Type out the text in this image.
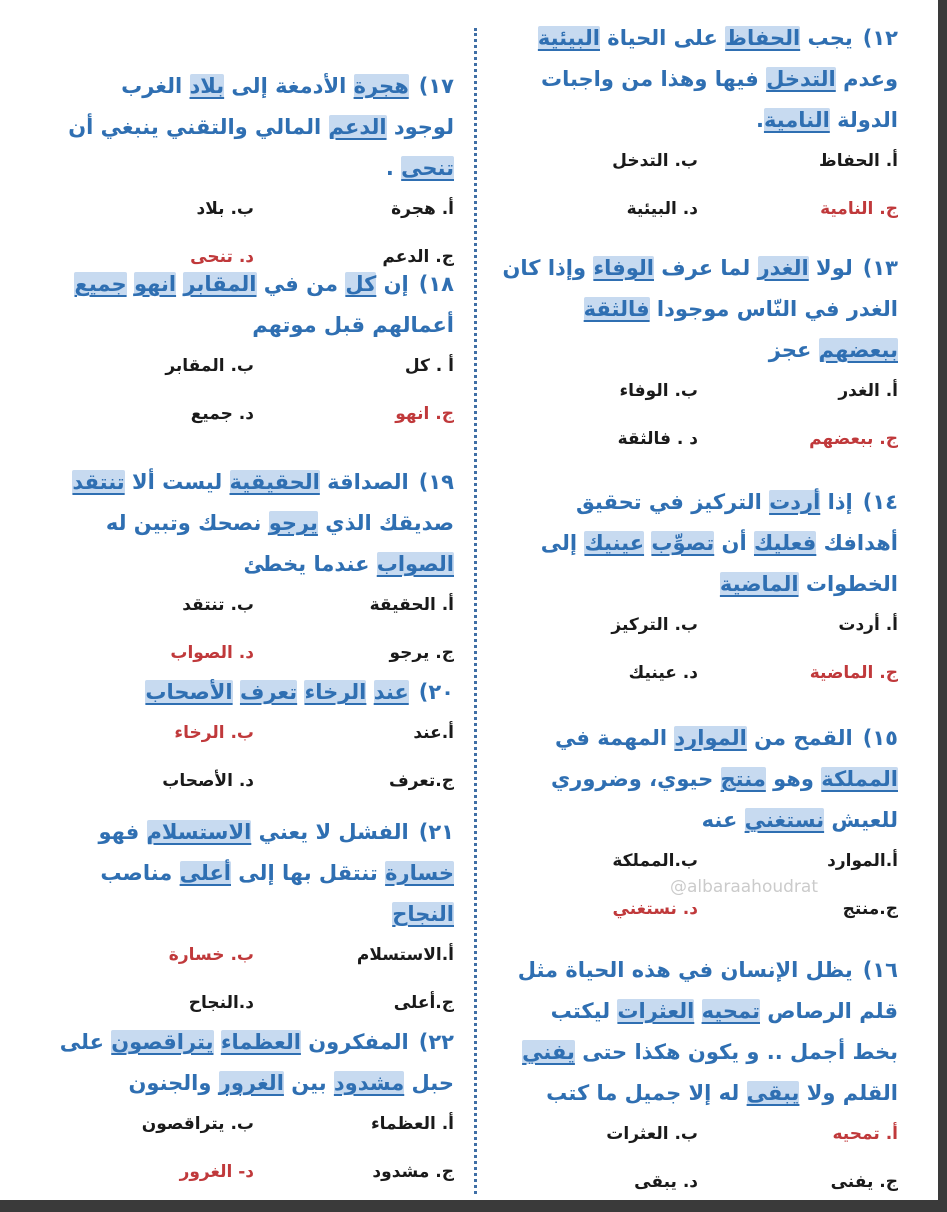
١٢)يجب الحفاظ على الحياة البيئية وعدم التدخل فيها وهذا من واجبات الدولة النامية.

أ. الحفاظ
ب. التدخل
ج. النامية
د. البيئية

١٣)لولا الغدر لما عرف الوفاء وإذا كان الغدر في النّاس موجودا فالثقة ببعضهم عجز

أ. الغدر
ب. الوفاء
ج. ببعضهم
د . فالثقة

١٤)إذا أردت التركيز في تحقيق أهدافك فعليك أن تصوِّب عينيك إلى الخطوات الماضية

أ. أردت
ب. التركيز
ج. الماضية
د. عينيك

١٥)القمح من الموارد المهمة في المملكة وهو منتج حيوي، وضروري للعيش نستغني عنه

أ.الموارد
ب.المملكة
ج.منتج
د. نستغني

١٦)يظل الإنسان في هذه الحياة مثل قلم الرصاص تمحيه العثرات ليكتب بخط أجمل .. و يكون هكذا حتى يفني القلم ولا يبقى له إلا جميل ما كتب

أ. تمحيه
ب. العثرات
ج. يفنى
د. يبقى

١٧)هجرة الأدمغة إلى بلاد الغرب لوجود الدعم المالي والتقني ينبغي أن تنحى .

أ. هجرة
ب. بلاد
ج. الدعم
د. تنحى

١٨)إن كل من في المقابر انهو جميع أعمالهم قبل موتهم

أ . كل
ب. المقابر
ج. انهو
د. جميع

١٩)الصداقة الحقيقية ليست ألا تنتقد صديقك الذي يرجو نصحك وتبين له الصواب عندما يخطئ

أ. الحقيقة
ب. تنتقد
ج. يرجو
د. الصواب

٢٠)عند الرخاء تعرف الأصحاب

أ.عند
ب. الرخاء
ج.تعرف
د. الأصحاب

٢١)الفشل لا يعني الاستسلام فهو خسارة تنتقل بها إلى أعلى مناصب النجاح

أ.الاستسلام
ب. خسارة
ج.أعلى
د.النجاح

٢٢)المفكرون العظماء يتراقصون على حبل مشدود بين الغرور والجنون

أ. العظماء
ب. يتراقصون
ج. مشدود
د- الغرور
@albaraahoudrat
